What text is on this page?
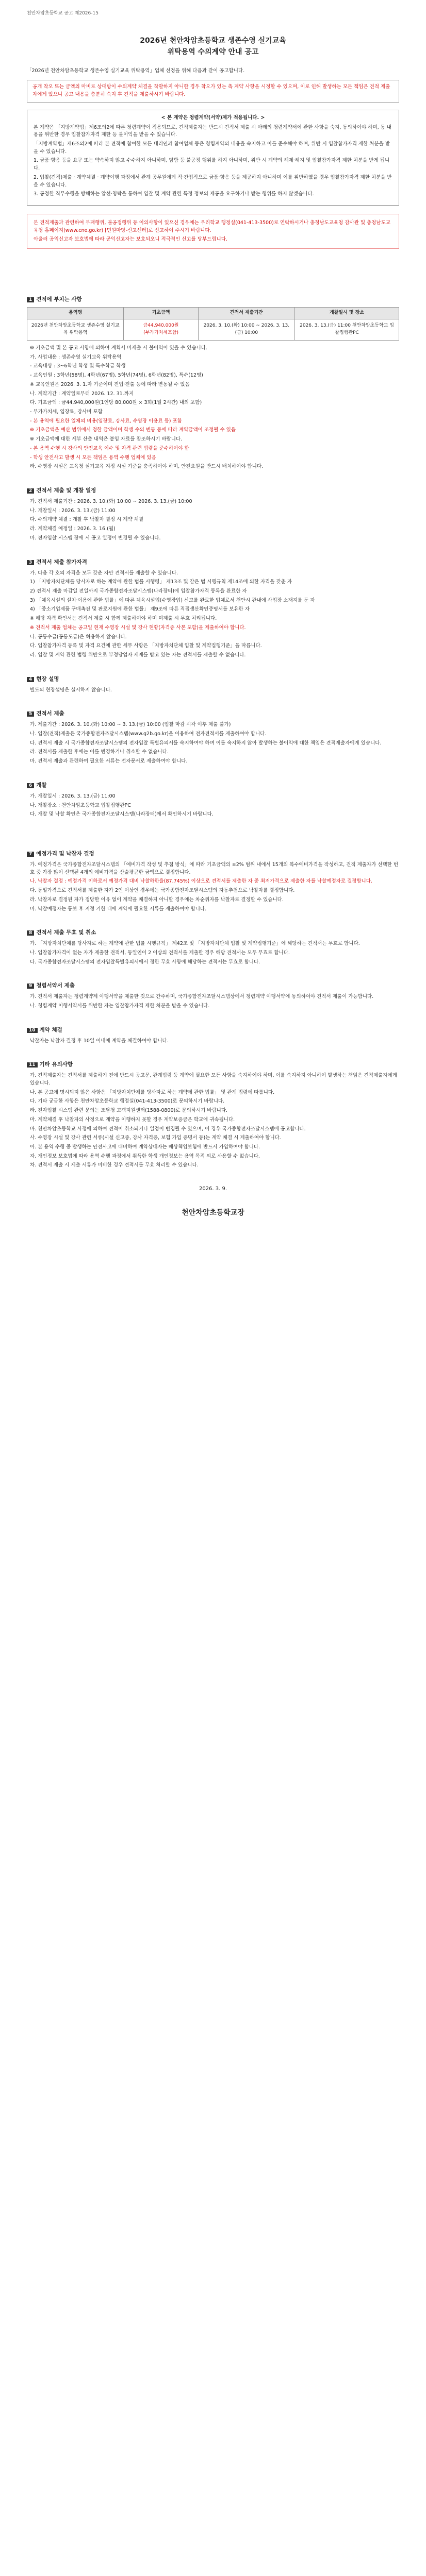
천안차암초등학교 공고 제2026-15
2026년 천안차암초등학교 생존수영 실기교육
위탁용역 수의계약 안내 공고
「2026년 천안차암초등학교 생존수영 실기교육 위탁용역」업체 선정을 위해 다음과 같이 공고합니다.
공개 착오 또는 금액의 마비로 상대방이 수의계약 체결을 착발하지 아니한 경우 착오가 있는 측 계약 사항을 시정할 수 있으며, 이로 인해 발생하는 모든 책임은 견적 제출자에게 있으니 공고 내용을 충분히 숙지 후 견적을 제출하시기 바랍니다.
< 본 계약은 청렴계약(서약)제가 적용됩니다. >

본 계약은 「지방계약법」제6조의2에 따른 청렴계약이 적용되므로, 견적제출자는 반드시 견적서 제출 시 아래의 청렴계약서에 관한 사항을 숙지, 동의하여야 하며, 동 내용을 위반한 경우 입찰참가자격 제한 등 불이익을 받을 수 있습니다.

「지방계약법」제6조의2에 따라 본 견적에 참여한 모든 대리인과 참여업체 등은 청렴계약의 내용을 숙지하고 이를 준수해야 하며, 위반 시 입찰참가자격 제한 처분을 받을 수 있습니다.

1. 금품·향응 등을 요구 또는 약속하지 않고 수수하지 아니하며, 담합 등 불공정 행위를 하지 아니하며, 위반 시 계약의 해제·해지 및 입찰참가자격 제한 처분을 받게 됩니다.

2. 입찰(견적)제출 · 계약체결 · 계약이행 과정에서 관계 공무원에게 직·간접적으로 금품·향응 등을 제공하지 아니하며 이를 위반하였을 경우 입찰참가자격 제한 처분을 받을 수 있습니다.

3. 공정한 직무수행을 방해하는 알선·청탁을 통하여 입찰 및 계약 관련 특정 정보의 제공을 요구하거나 받는 행위를 하지 않겠습니다.

본 견적제출과 관련하여 부패행위, 불공정행위 등 이의사항이 있으신 경우에는 우리학교 행정실(041-413-3500)로 연락하시거나 충청남도교육청 감사관 및 충청남도교육청 홈페이지(www.cne.go.kr) [민원마당-신고센터]로 신고하여 주시기 바랍니다.

아울러 공익신고자 보호법에 따라 공익신고자는 보호되오니 적극적인 신고를 당부드립니다.

1 견적에 부치는 사항
용역명	기초금액	견적서 제출기간	개찰일시 및 장소
2026년 천안차암초등학교 생존수영 실기교육 위탁용역	금44,940,000원
(부가가치세포함)	2026. 3. 10.(화) 10:00 ~ 2026. 3. 13.(금) 10:00	2026. 3. 13.(금) 11:00 천안차암초등학교 입찰집행관PC

※ 기초금액 및 본 공고 사항에 의하여 계획서 미제출 시 불이익이 있을 수 있습니다.

가. 사업내용 : 생존수영 실기교육 위탁용역

- 교육대상 : 3~6학년 학생 및 특수학급 학생

- 교육인원 : 3학년(58명), 4학년(67명), 5학년(74명), 6학년(82명), 특수(12명)

※ 교육인원은 2026. 3. 1.자 기준이며 전입·전출 등에 따라 변동될 수 있음

나. 계약기간 : 계약일로부터 2026. 12. 31.까지

다. 기초금액 : 금44,940,000원(1인당 80,000원 × 3회(1일 2시간) 내외 포함)

- 부가가치세, 입장료, 강사비 포함

- 본 용역에 필요한 일체의 비용(입장료, 강사료, 수영장 이용료 등) 포함

※ 기초금액은 예산 범위에서 정한 금액이며 학생 수의 변동 등에 따라 계약금액이 조정될 수 있음

※ 기초금액에 대한 세부 산출 내역은 붙임 자료를 참조하시기 바랍니다.

- 본 용역 수행 시 강사의 안전교육 이수 및 자격 관련 법령을 준수하여야 함

- 학생 안전사고 발생 시 모든 책임은 용역 수행 업체에 있음

라. 수영장 시설은 교육청 실기교육 지정 시설 기준을 충족하여야 하며, 안전요원을 반드시 배치하여야 합니다.

2 견적서 제출 및 개찰 일정

가. 견적서 제출기간 : 2026. 3. 10.(화) 10:00 ~ 2026. 3. 13.(금) 10:00

나. 개찰일시 : 2026. 3. 13.(금) 11:00

다. 수의계약 체결 : 개찰 후 낙찰자 결정 시 계약 체결

라. 계약체결 예정일 : 2026. 3. 16.(월)

마. 전자입찰 시스템 장애 시 공고 일정이 변경될 수 있습니다.

3 견적서 제출 참가자격

가. 다음 각 호의 자격을 모두 갖춘 자만 견적서를 제출할 수 있습니다.

1) 「지방자치단체를 당사자로 하는 계약에 관한 법률 시행령」 제13조 및 같은 법 시행규칙 제14조에 의한 자격을 갖춘 자

2) 견적서 제출 마감일 전일까지 국가종합전자조달시스템(나라장터)에 입찰참가자격 등록을 완료한 자

3) 「체육시설의 설치·이용에 관한 법률」에 따른 체육시설업(수영장업) 신고를 완료한 업체로서 천안시 관내에 사업장 소재지를 둔 자

4) 「중소기업제품 구매촉진 및 판로지원에 관한 법률」 제9조에 따른 직접생산확인증명서를 보유한 자

※ 해당 자격 확인서는 견적서 제출 시 함께 제출하여야 하며 미제출 시 무효 처리됩니다.

※ 견적서 제출 업체는 공고일 현재 수영장 시설 및 강사 현황(자격증 사본 포함)을 제출하여야 합니다.

나. 공동수급(공동도급)은 허용하지 않습니다.

다. 입찰참가자격 등록 및 자격 요건에 관한 세부 사항은 「지방자치단체 입찰 및 계약집행기준」을 따릅니다.

라. 입찰 및 계약 관련 법령 위반으로 부정당업자 제재를 받고 있는 자는 견적서를 제출할 수 없습니다.

4 현장 설명

별도의 현장설명은 실시하지 않습니다.

5 견적서 제출

가. 제출기간 : 2026. 3. 10.(화) 10:00 ~ 3. 13.(금) 10:00 (입찰 마감 시각 이후 제출 불가)

나. 입찰(견적)제출은 국가종합전자조달시스템(www.g2b.go.kr)을 이용하여 전자견적서를 제출하여야 합니다.

다. 견적서 제출 시 국가종합전자조달시스템의 전자입찰 특별유의서를 숙지하여야 하며 이를 숙지하지 않아 발생하는 불이익에 대한 책임은 견적제출자에게 있습니다.

라. 견적서를 제출한 후에는 이를 변경하거나 취소할 수 없습니다.

마. 견적서 제출과 관련하여 필요한 서류는 전자문서로 제출하여야 합니다.

6 개찰

가. 개찰일시 : 2026. 3. 13.(금) 11:00

나. 개찰장소 : 천안차암초등학교 입찰집행관PC

다. 개찰 및 낙찰 확인은 국가종합전자조달시스템(나라장터)에서 확인하시기 바랍니다.

7 예정가격 및 낙찰자 결정

가. 예정가격은 국가종합전자조달시스템의 「예비가격 작성 및 추첨 방식」에 따라 기초금액의 ±2% 범위 내에서 15개의 복수예비가격을 작성하고, 견적 제출자가 선택한 번호 중 가장 많이 선택된 4개의 예비가격을 산술평균한 금액으로 결정합니다.

나. 낙찰자 결정 : 예정가격 이하로서 예정가격 대비 낙찰하한율(87.745%) 이상으로 견적서를 제출한 자 중 최저가격으로 제출한 자를 낙찰예정자로 결정합니다.

다. 동일가격으로 견적서를 제출한 자가 2인 이상인 경우에는 국가종합전자조달시스템의 자동추첨으로 낙찰자를 결정합니다.

라. 낙찰자로 결정된 자가 정당한 이유 없이 계약을 체결하지 아니할 경우에는 차순위자를 낙찰자로 결정할 수 있습니다.

마. 낙찰예정자는 통보 후 지정 기한 내에 계약에 필요한 서류를 제출하여야 합니다.

8 견적서 제출 무효 및 취소

가. 「지방자치단체를 당사자로 하는 계약에 관한 법률 시행규칙」 제42조 및 「지방자치단체 입찰 및 계약집행기준」에 해당하는 견적서는 무효로 합니다.

나. 입찰참가자격이 없는 자가 제출한 견적서, 동일인이 2 이상의 견적서를 제출한 경우 해당 견적서는 모두 무효로 합니다.

다. 국가종합전자조달시스템의 전자입찰특별유의서에서 정한 무효 사항에 해당하는 견적서는 무효로 합니다.

9 청렴서약서 제출

가. 견적서 제출자는 청렴계약제 이행서약을 제출한 것으로 간주하며, 국가종합전자조달시스템상에서 청렴계약 이행서약에 동의하여야 견적서 제출이 가능합니다.

나. 청렴계약 이행서약서를 위반한 자는 입찰참가자격 제한 처분을 받을 수 있습니다.

10 계약 체결

낙찰자는 낙찰자 결정 후 10일 이내에 계약을 체결하여야 합니다.

11 기타 유의사항

가. 견적제출자는 견적서를 제출하기 전에 반드시 공고문, 관계법령 등 계약에 필요한 모든 사항을 숙지하여야 하며, 이를 숙지하지 아니하여 발생하는 책임은 견적제출자에게 있습니다.

나. 본 공고에 명시되지 않은 사항은 「지방자치단체를 당사자로 하는 계약에 관한 법률」 및 관계 법령에 따릅니다.

다. 기타 궁금한 사항은 천안차암초등학교 행정실(041-413-3500)로 문의하시기 바랍니다.

라. 전자입찰 시스템 관련 문의는 조달청 고객지원센터(1588-0800)로 문의하시기 바랍니다.

마. 계약체결 후 낙찰자의 사정으로 계약을 이행하지 못할 경우 계약보증금은 학교에 귀속됩니다.

바. 천안차암초등학교 사정에 의하여 견적이 취소되거나 일정이 변경될 수 있으며, 이 경우 국가종합전자조달시스템에 공고합니다.

사. 수영장 시설 및 강사 관련 서류(시설 신고증, 강사 자격증, 보험 가입 증명서 등)는 계약 체결 시 제출하여야 합니다.

아. 본 용역 수행 중 발생하는 안전사고에 대비하여 계약상대자는 배상책임보험에 반드시 가입하여야 합니다.

자. 개인정보 보호법에 따라 용역 수행 과정에서 취득한 학생 개인정보는 용역 목적 외로 사용할 수 없습니다.

차. 견적서 제출 시 제출 서류가 미비한 경우 견적서를 무효 처리할 수 있습니다.

2026. 3. 9.
천안차암초등학교장
